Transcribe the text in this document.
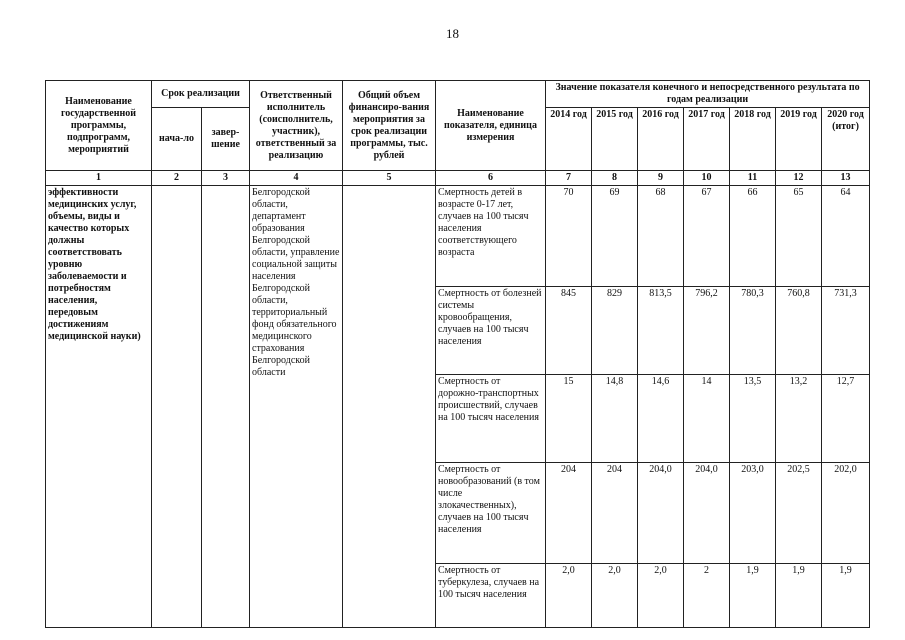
18
Наименование государственной программы, подпрограмм, мероприятий	Срок реализации		Ответственный исполнитель (соисполнитель, участник), ответственный за реализацию	Общий объем финансиро-вания мероприятия за срок реализации программы, тыс. рублей	Наименование показателя, единица измерения	Значение показателя конечного и непосредственного результата по годам реализации						
	нача-ло	завер-шение				2014 год	2015 год	2016 год	2017 год	2018 год	2019 год	2020 год (итог)
1	2	3	4	5	6	7	8	9	10	11	12	13
эффективности медицинских услуг, объемы, виды и качество которых должны соответствовать уровню заболеваемости и потребностям населения, передовым достижениям медицинской науки)			Белгородской области, департамент образования Белгородской области, управление социальной защиты населения Белгородской области, территориальный фонд обязательного медицинского страхования Белгородской области		Смертность детей в возрасте 0-17 лет, случаев на 100 тысяч населения соответствующего возраста	70	69	68	67	66	65	64
					Смертность от болезней системы кровообращения, случаев на 100 тысяч населения	845	829	813,5	796,2	780,3	760,8	731,3
					Смертность от дорожно-транспортных происшествий, случаев на 100 тысяч населения	15	14,8	14,6	14	13,5	13,2	12,7
					Смертность от новообразований (в том числе злокачественных), случаев на 100 тысяч населения	204	204	204,0	204,0	203,0	202,5	202,0
					Смертность от туберкулеза, случаев на 100 тысяч населения	2,0	2,0	2,0	2	1,9	1,9	1,9
